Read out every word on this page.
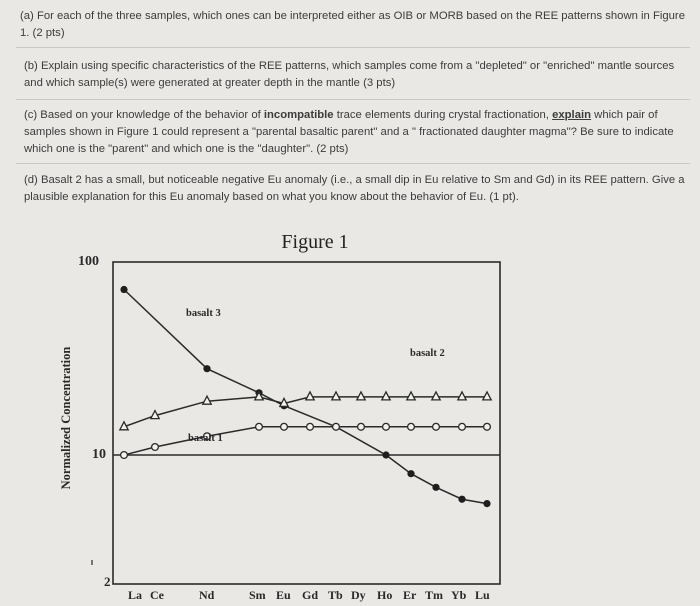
(a) For each of the three samples, which ones can be interpreted either as OIB or MORB based on the REE patterns shown in Figure 1. (2 pts)
(b) Explain using specific characteristics of the REE patterns, which samples come from a "depleted" or "enriched" mantle sources and which sample(s) were generated at greater depth in the mantle (3 pts)
(c) Based on your knowledge of the behavior of incompatible trace elements during crystal fractionation, explain which pair of samples shown in Figure 1 could represent a "parental basaltic parent" and a " fractionated daughter magma"? Be sure to indicate which one is the "parent" and which one is the "daughter". (2 pts)
(d) Basalt 2 has a small, but noticeable negative Eu anomaly (i.e., a small dip in Eu relative to Sm and Gd) in its REE pattern. Give a plausible explanation for this Eu anomaly based on what you know about the behavior of Eu. (1 pt).
Figure 1
Normalized Concentration
100
10
2
La Ce	Nd	Sm Eu Gd Tb Dy Ho Er Tm Yb Lu
basalt 3
basalt 2
basalt 1
